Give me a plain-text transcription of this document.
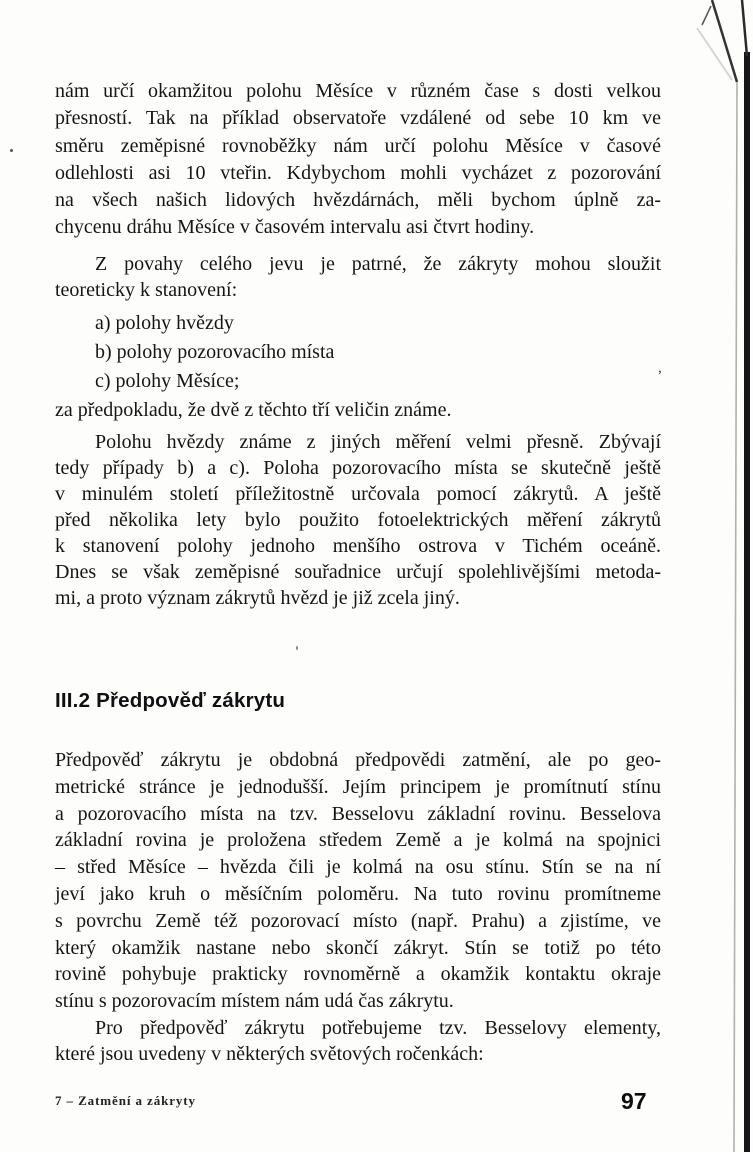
nám určí okamžitou polohu Měsíce v různém čase s dosti velkou
přesností. Tak na příklad observatoře vzdálené od sebe 10 km ve
směru zeměpisné rovnoběžky nám určí polohu Měsíce v časové
odlehlosti asi 10 vteřin. Kdybychom mohli vycházet z pozorování
na všech našich lidových hvězdárnách, měli bychom úplně za-
chycenu dráhu Měsíce v časovém intervalu asi čtvrt hodiny.
Z povahy celého jevu je patrné, že zákryty mohou sloužit
teoreticky k stanovení:
a) polohy hvězdy
b) polohy pozorovacího místa
c) polohy Měsíce;
za předpokladu, že dvě z těchto tří veličin známe.
Polohu hvězdy známe z jiných měření velmi přesně. Zbývají
tedy případy b) a c). Poloha pozorovacího místa se skutečně ještě
v minulém století příležitostně určovala pomocí zákrytů. A ještě
před několika lety bylo použito fotoelektrických měření zákrytů
k stanovení polohy jednoho menšího ostrova v Tichém oceáně.
Dnes se však zeměpisné souřadnice určují spolehlivějšími metoda-
mi, a proto význam zákrytů hvězd je již zcela jiný.
III.2 Předpověď zákrytu
Předpověď zákrytu je obdobná předpovědi zatmění, ale po geo-
metrické stránce je jednodušší. Jejím principem je promítnutí stínu
a pozorovacího místa na tzv. Besselovu základní rovinu. Besselova
základní rovina je proložena středem Země a je kolmá na spojnici
– střed Měsíce – hvězda čili je kolmá na osu stínu. Stín se na ní
jeví jako kruh o měsíčním poloměru. Na tuto rovinu promítneme
s povrchu Země též pozorovací místo (např. Prahu) a zjistíme, ve
který okamžik nastane nebo skončí zákryt. Stín se totiž po této
rovině pohybuje prakticky rovnoměrně a okamžik kontaktu okraje
stínu s pozorovacím místem nám udá čas zákrytu.
Pro předpověď zákrytu potřebujeme tzv. Besselovy elementy,
které jsou uvedeny v některých světových ročenkách:
7 – Zatmění a zákryty	97
,
